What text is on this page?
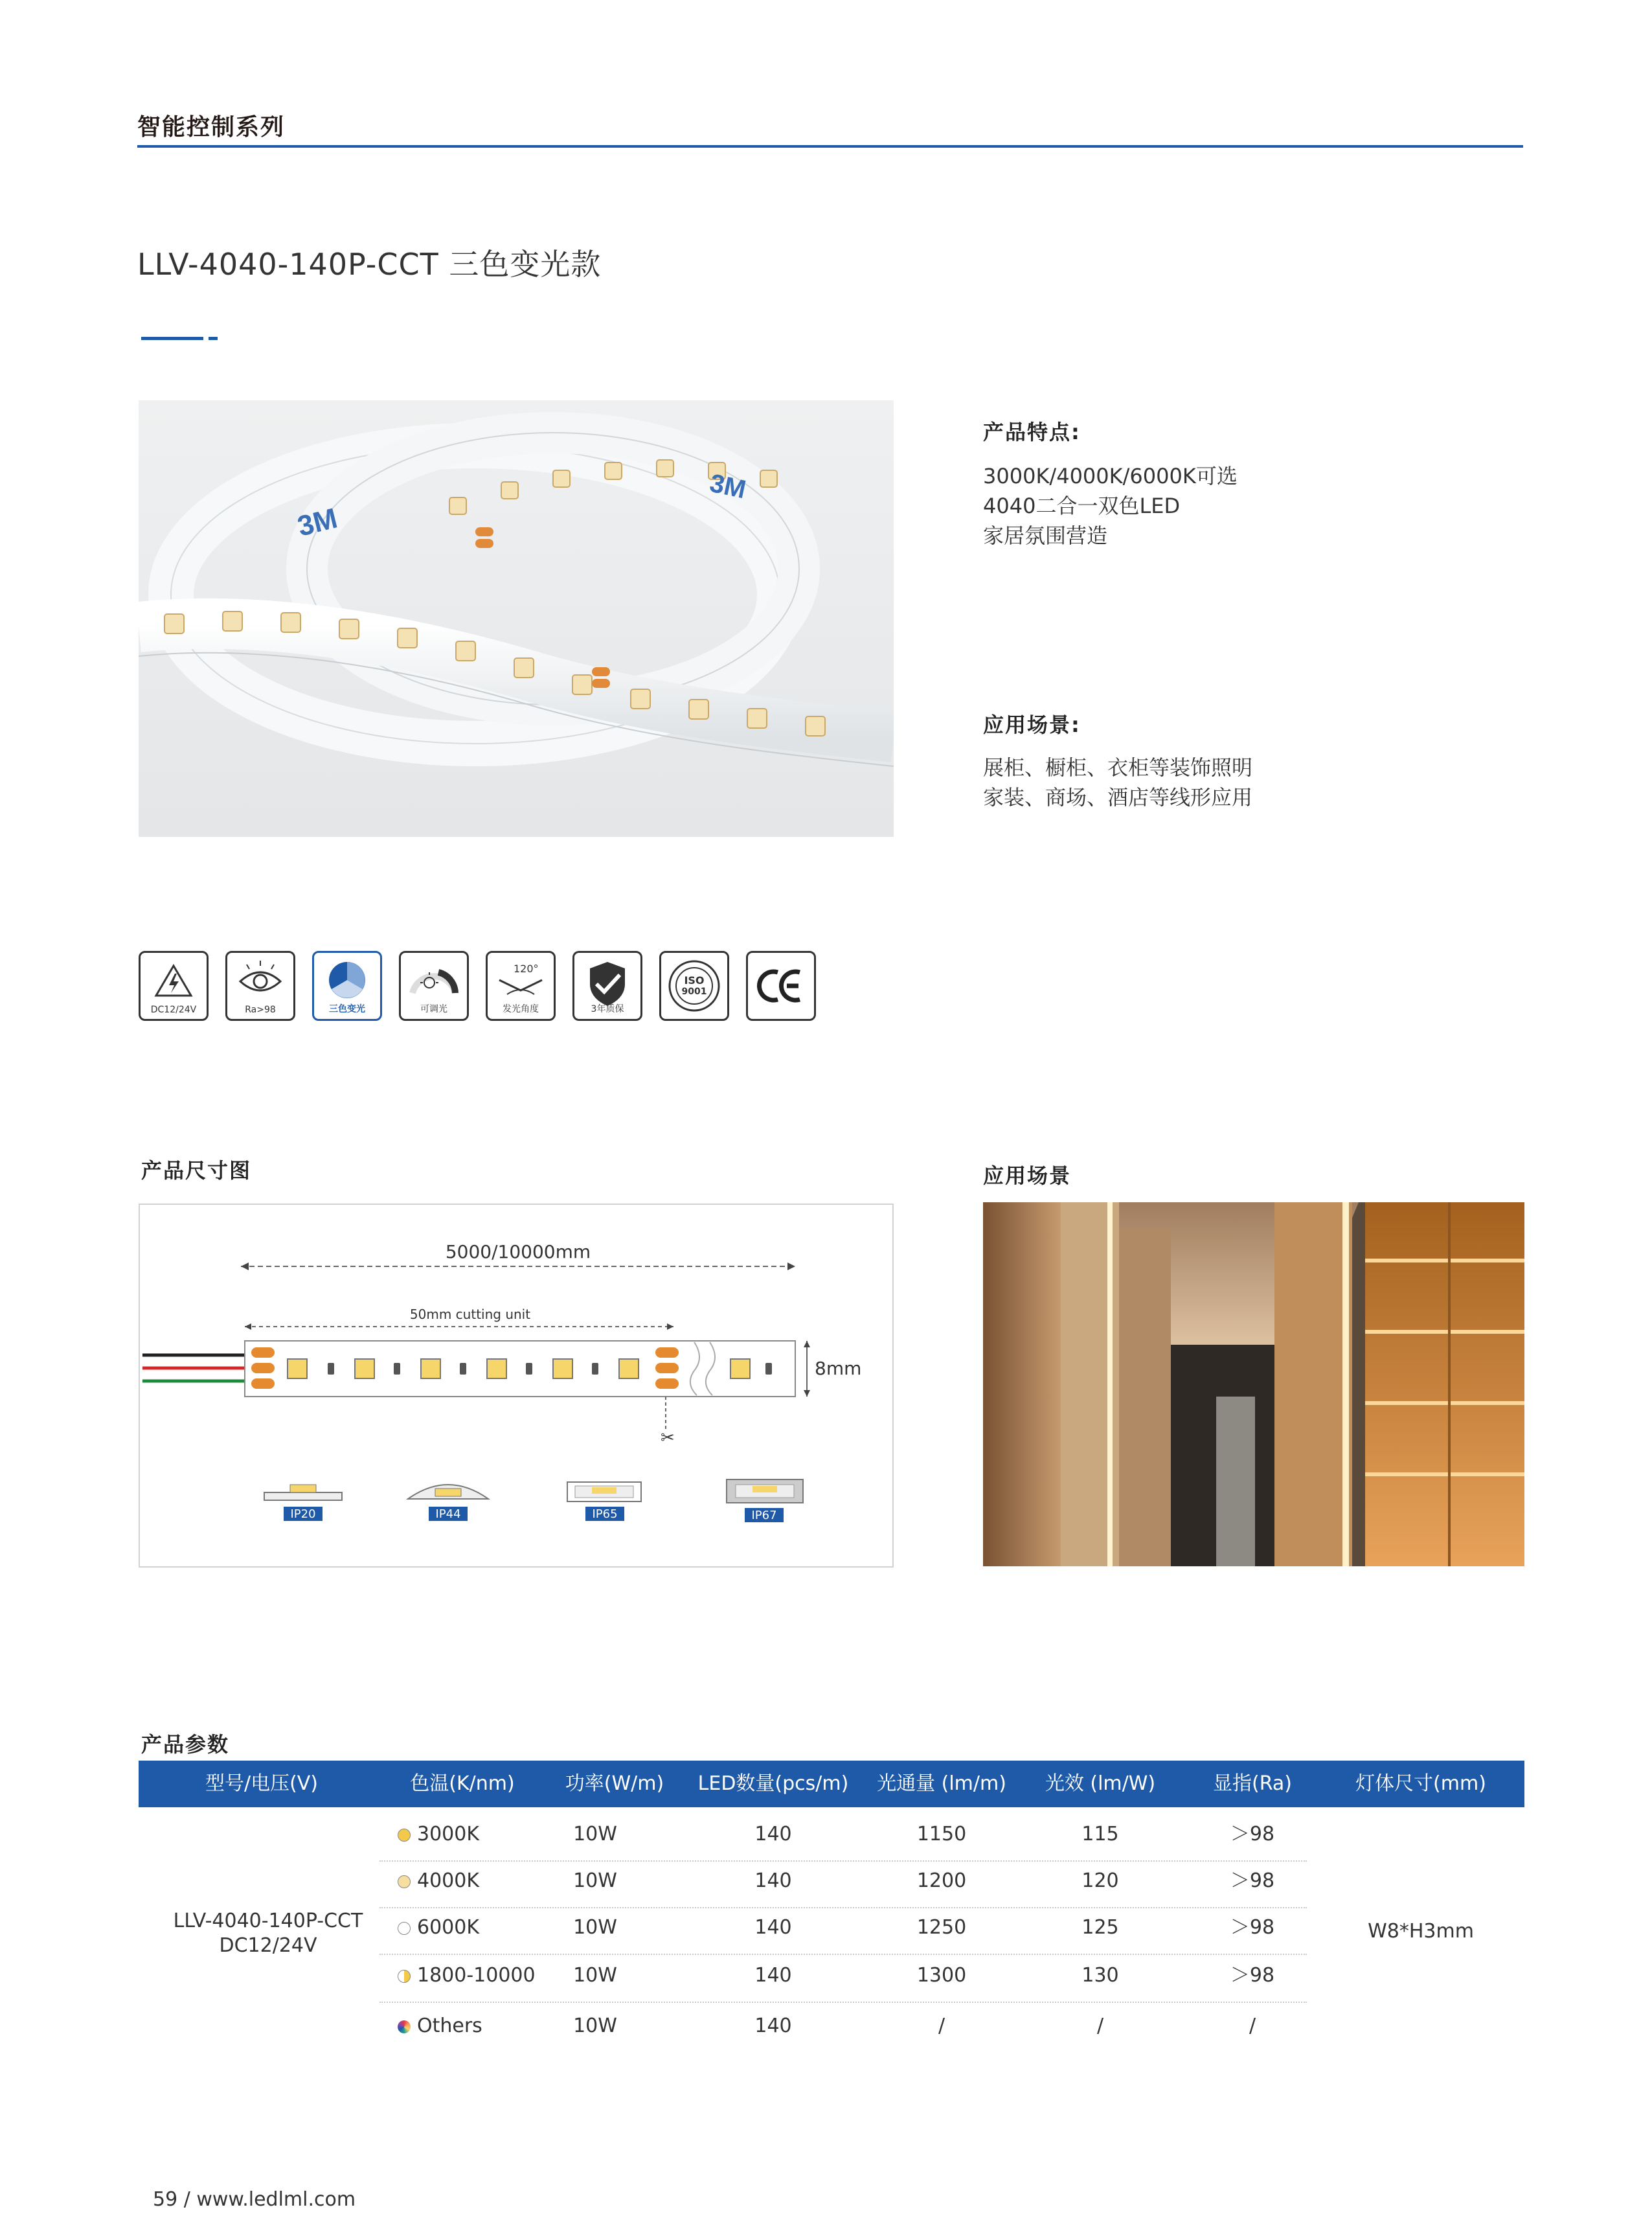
智能控制系列
LLV-4040-140P-CCT 三色变光款
3M
3M
产品特点:
3000K/4000K/6000K可选
4040二合一双色LED
家居氛围营造
应用场景:
展柜、橱柜、衣柜等装饰照明
家装、商场、酒店等线形应用
DC12/24V	Ra>98	三色变光	可调光
120°
发光角度	3年质保
ISO
9001
产品尺寸图
5000/10000mm
50mm cutting unit
✂
8mm
IP20	IP44	IP65	IP67
应用场景
产品参数
型号/电压(V)	色温(K/nm)	功率(W/m)	LED数量(pcs/m)	光通量 (lm/m)	光效 (lm/W)	显指(Ra)	灯体尺寸(mm)
LLV-4040-140P-CCT
DC12/24V
W8*H3mm
3000K	10W	140	1150	115	＞98
4000K	10W	140	1200	120	＞98
6000K	10W	140	1250	125	＞98
1800-10000	10W	140	1300	130	＞98
Others	10W	140	/	/	/
59 / www.ledlml.com
